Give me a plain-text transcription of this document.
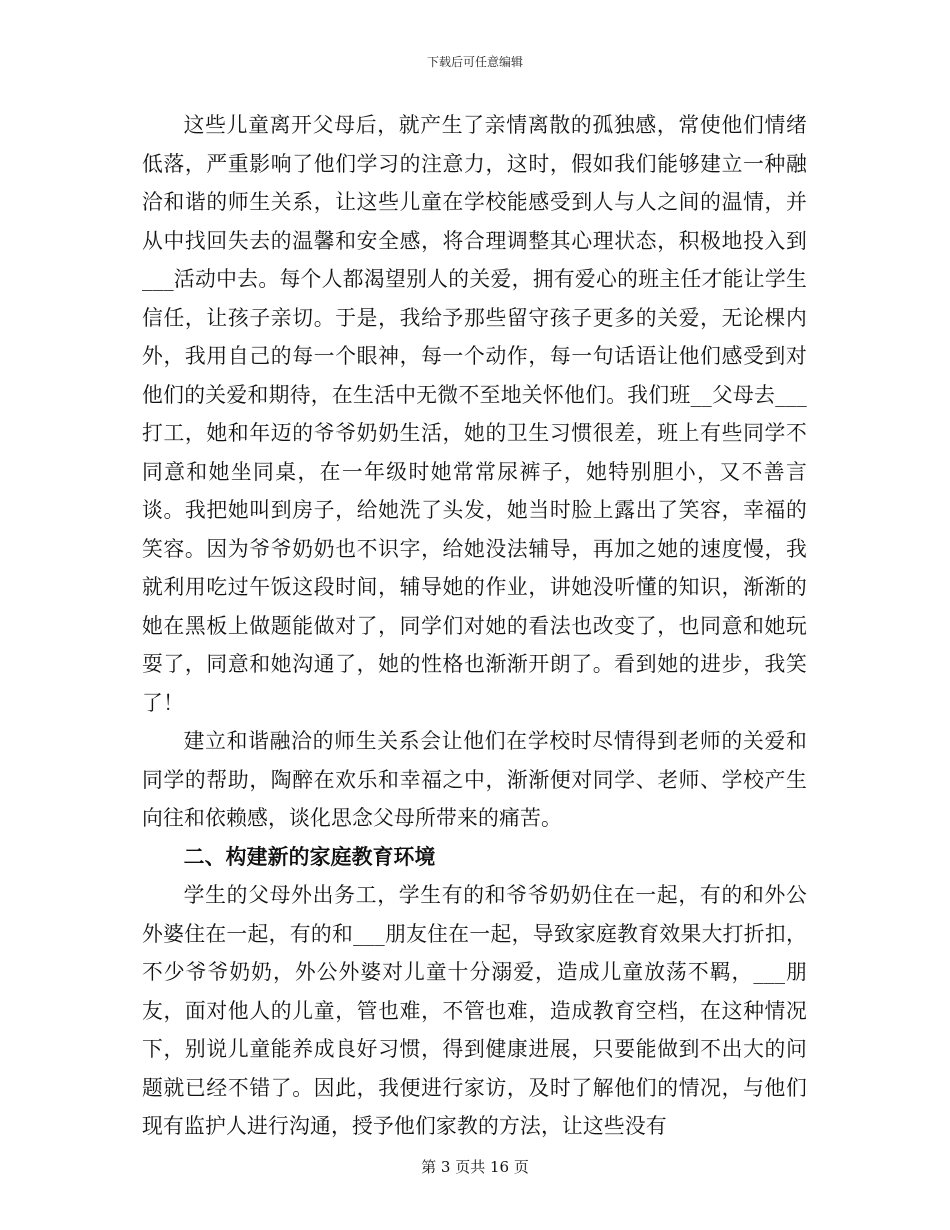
下载后可任意编辑

这些儿童离开父母后，就产生了亲情离散的孤独感，常使他们情绪低落，严重影响了他们学习的注意力，这时，假如我们能够建立一种融洽和谐的师生关系，让这些儿童在学校能感受到人与人之间的温情，并从中找回失去的温馨和安全感，将合理调整其心理状态，积极地投入到___活动中去。每个人都渴望别人的关爱，拥有爱心的班主任才能让学生信任，让孩子亲切。于是，我给予那些留守孩子更多的关爱，无论棵内外，我用自己的每一个眼神，每一个动作，每一句话语让他们感受到对他们的关爱和期待，在生活中无微不至地关怀他们。我们班__父母去___打工，她和年迈的爷爷奶奶生活，她的卫生习惯很差，班上有些同学不同意和她坐同桌，在一年级时她常常尿裤子，她特别胆小，又不善言谈。我把她叫到房子，给她洗了头发，她当时脸上露出了笑容，幸福的笑容。因为爷爷奶奶也不识字，给她没法辅导，再加之她的速度慢，我就利用吃过午饭这段时间，辅导她的作业，讲她没听懂的知识，渐渐的她在黑板上做题能做对了，同学们对她的看法也改变了，也同意和她玩耍了，同意和她沟通了，她的性格也渐渐开朗了。看到她的进步，我笑了！

建立和谐融洽的师生关系会让他们在学校时尽情得到老师的关爱和同学的帮助，陶醉在欢乐和幸福之中，渐渐便对同学、老师、学校产生向往和依赖感，谈化思念父母所带来的痛苦。

二、构建新的家庭教育环境

学生的父母外出务工，学生有的和爷爷奶奶住在一起，有的和外公外婆住在一起，有的和___朋友住在一起，导致家庭教育效果大打折扣，不少爷爷奶奶，外公外婆对儿童十分溺爱，造成儿童放荡不羁，___朋友，面对他人的儿童，管也难，不管也难，造成教育空档，在这种情况下，别说儿童能养成良好习惯，得到健康进展，只要能做到不出大的问题就已经不错了。因此，我便进行家访，及时了解他们的情况，与他们现有监护人进行沟通，授予他们家教的方法，让这些没有

第 3 页共 16 页
